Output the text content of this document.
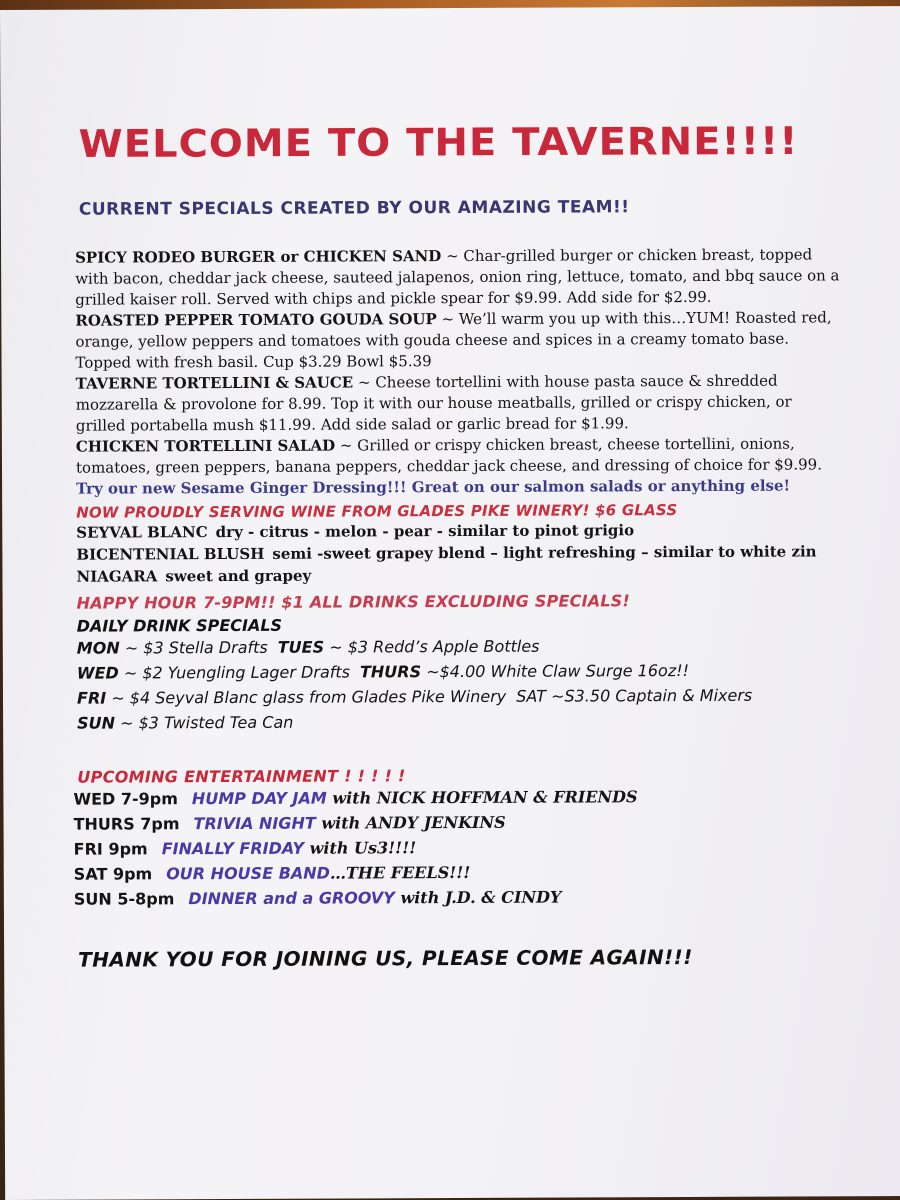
WELCOME TO THE TAVERNE!!!!
CURRENT SPECIALS CREATED BY OUR AMAZING TEAM!!

SPICY RODEO BURGER or CHICKEN SAND ~ Char-grilled burger or chicken breast, topped with bacon, cheddar jack cheese, sauteed jalapenos, onion ring, lettuce, tomato, and bbq sauce on a grilled kaiser roll. Served with chips and pickle spear for $9.99. Add side for $2.99.

ROASTED PEPPER TOMATO GOUDA SOUP ~ We’ll warm you up with this…YUM! Roasted red, orange, yellow peppers and tomatoes with gouda cheese and spices in a creamy tomato base. Topped with fresh basil. Cup $3.29 Bowl $5.39

TAVERNE TORTELLINI & SAUCE ~ Cheese tortellini with house pasta sauce & shredded mozzarella & provolone for 8.99. Top it with our house meatballs, grilled or crispy chicken, or grilled portabella mush $11.99. Add side salad or garlic bread for $1.99.

CHICKEN TORTELLINI SALAD ~ Grilled or crispy chicken breast, cheese tortellini, onions, tomatoes, green peppers, banana peppers, cheddar jack cheese, and dressing of choice for $9.99.

Try our new Sesame Ginger Dressing!!! Great on our salmon salads or anything else!
NOW PROUDLY SERVING WINE FROM GLADES PIKE WINERY! $6 GLASS
SEYVAL BLANC dry - citrus - melon - pear - similar to pinot grigio
BICENTENIAL BLUSH semi -sweet grapey blend – light refreshing – similar to white zin
NIAGARA sweet and grapey
HAPPY HOUR 7-9PM!! $1 ALL DRINKS EXCLUDING SPECIALS!
DAILY DRINK SPECIALS
MON ~ $3 Stella Drafts TUES ~ $3 Redd’s Apple Bottles
WED ~ $2 Yuengling Lager Drafts THURS ~$4.00 White Claw Surge 16oz!!
FRI ~ $4 Seyval Blanc glass from Glades Pike Winery SAT ~S3.50 Captain & Mixers
SUN ~ $3 Twisted Tea Can
UPCOMING ENTERTAINMENT ! ! ! ! !
WED 7-9pm HUMP DAY JAM with NICK HOFFMAN & FRIENDS
THURS 7pm TRIVIA NIGHT with ANDY JENKINS
FRI 9pm FINALLY FRIDAY with Us3!!!!
SAT 9pm OUR HOUSE BAND…THE FEELS!!!
SUN 5-8pm DINNER and a GROOVY with J.D. & CINDY
THANK YOU FOR JOINING US, PLEASE COME AGAIN!!!
